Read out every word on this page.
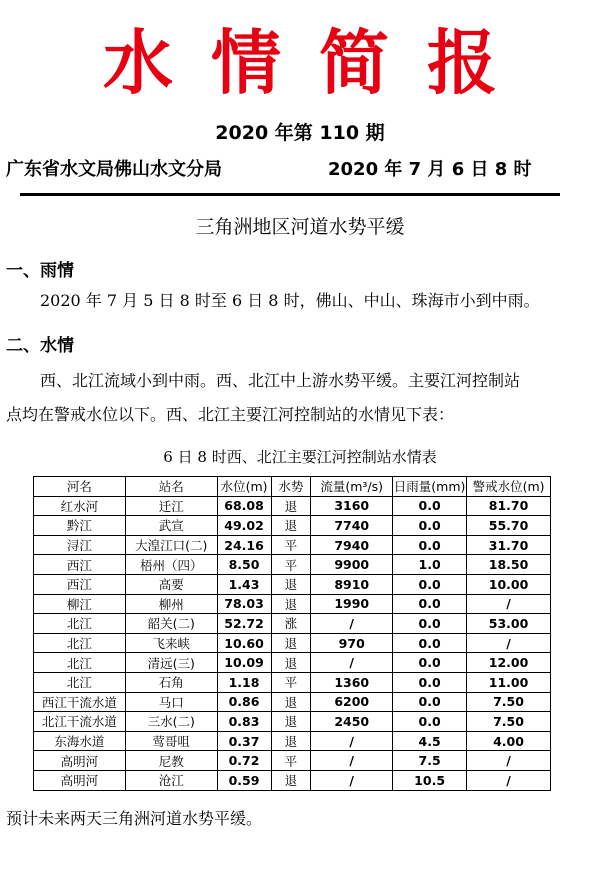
水情简报
2020 年第 110 期
广东省水文局佛山水文分局	2020 年 7 月 6 日 8 时
三角洲地区河道水势平缓
一、雨情
2020 年 7 月 5 日 8 时至 6 日 8 时，佛山、中山、珠海市小到中雨。
二、水情
西、北江流域小到中雨。西、北江中上游水势平缓。主要江河控制站
点均在警戒水位以下。西、北江主要江河控制站的水情见下表：
6 日 8 时西、北江主要江河控制站水情表
河名	站名	水位(m)	水势	流量(m³/s)	日雨量(mm)	警戒水位(m)
红水河	迁江	68.08	退	3160	0.0	81.70
黔江	武宣	49.02	退	7740	0.0	55.70
浔江	大湟江口(二)	24.16	平	7940	0.0	31.70
西江	梧州（四）	8.50	平	9900	1.0	18.50
西江	高要	1.43	退	8910	0.0	10.00
柳江	柳州	78.03	退	1990	0.0	/
北江	韶关(二)	52.72	涨	/	0.0	53.00
北江	飞来峡	10.60	退	970	0.0	/
北江	清远(三)	10.09	退	/	0.0	12.00
北江	石角	1.18	平	1360	0.0	11.00
西江干流水道	马口	0.86	退	6200	0.0	7.50
北江干流水道	三水(二)	0.83	退	2450	0.0	7.50
东海水道	莺哥咀	0.37	退	/	4.5	4.00
高明河	尼教	0.72	平	/	7.5	/
高明河	沧江	0.59	退	/	10.5	/
预计未来两天三角洲河道水势平缓。
